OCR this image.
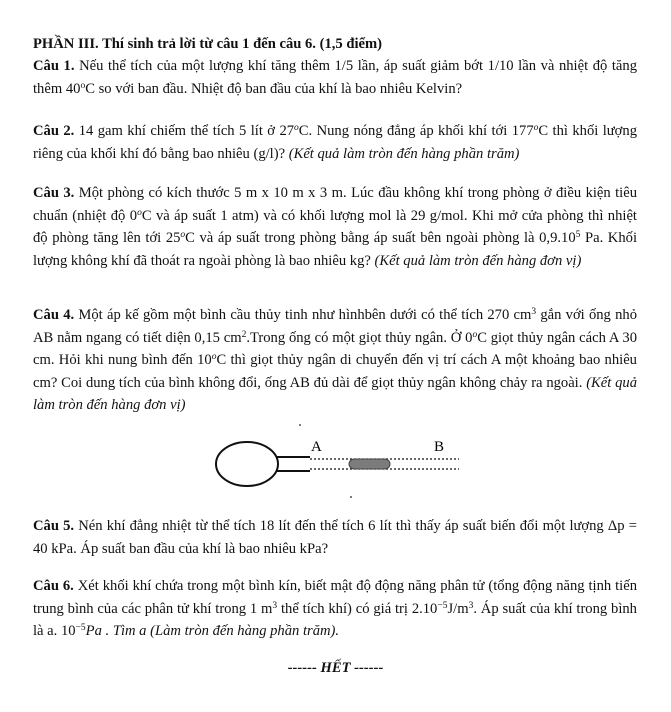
PHẦN III. Thí sinh trả lời từ câu 1 đến câu 6. (1,5 điểm)
Câu 1. Nếu thể tích của một lượng khí tăng thêm 1/5 lần, áp suất giảm bớt 1/10 lần và nhiệt độ tăng thêm 40$^o$C so với ban đầu. Nhiệt độ ban đầu của khí là bao nhiêu Kelvin?
Câu 2. 14 gam khí chiếm thể tích 5 lít ở 27$^o$C. Nung nóng đẳng áp khối khí tới 177$^o$C thì khối lượng riêng của khối khí đó bằng bao nhiêu (g/l)? (Kết quả làm tròn đến hàng phần trăm)
Câu 3. Một phòng có kích thước 5 m x 10 m x 3 m. Lúc đầu không khí trong phòng ở điều kiện tiêu chuẩn (nhiệt độ 0$^o$C và áp suất 1 atm) và có khối lượng mol là 29 g/mol. Khi mở cửa phòng thì nhiệt độ phòng tăng lên tới 25$^o$C và áp suất trong phòng bằng áp suất bên ngoài phòng là 0,9.10$^5$ Pa. Khối lượng không khí đã thoát ra ngoài phòng là bao nhiêu kg? (Kết quả làm tròn đến hàng đơn vị)
Câu 4. Một áp kế gồm một bình cầu thủy tinh như hìnhbên dưới có thể tích 270 $cm^3$ gắn với ống nhỏ AB nằm ngang có tiết diện 0,15 $cm^2.Trong$ ống có một giọt thủy ngân. Ở 0$^o$C giọt thủy ngân cách A 30 cm. Hỏi khi nung bình đến 10$^o$C thì giọt thủy ngân di chuyển đến vị trí cách A một khoảng bao nhiêu cm? Coi dung tích của bình không đổi, ống AB đủ dài để giọt thủy ngân không chảy ra ngoài. (Kết quả làm tròn đến hàng đơn vị)
A	B
Câu 5. Nén khí đẳng nhiệt từ thể tích 18 lít đến thể tích 6 lít thì thấy áp suất biến đổi một lượng Δp = 40 kPa. Áp suất ban đầu của khí là bao nhiêu kPa?
Câu 6. Xét khối khí chứa trong một bình kín, biết mật độ động năng phân tử (tổng động năng tịnh tiến trung bình của các phân tử khí trong 1 $m^3$ thể tích khí) có giá trị $2.10^{-5}J/m^3$. Áp suất của khí trong bình là a. $10^{-5}Pa$ . Tìm a (Làm tròn đến hàng phần trăm).
------ HẾT ------
